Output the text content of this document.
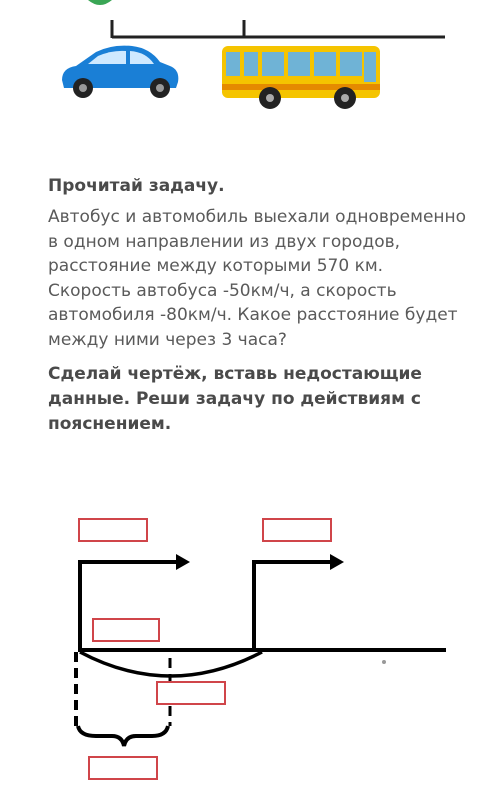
Прочитай задачу.

Автобус и автомобиль выехали одновременно в одном направлении из двух городов, расстояние между которыми 570 км. Скорость автобуса -50км/ч, а скорость автомобиля -80км/ч. Какое расстояние будет между ними через 3 часа?

Сделай чертёж, вставь недостающие данные. Реши задачу по действиям с пояснением.
